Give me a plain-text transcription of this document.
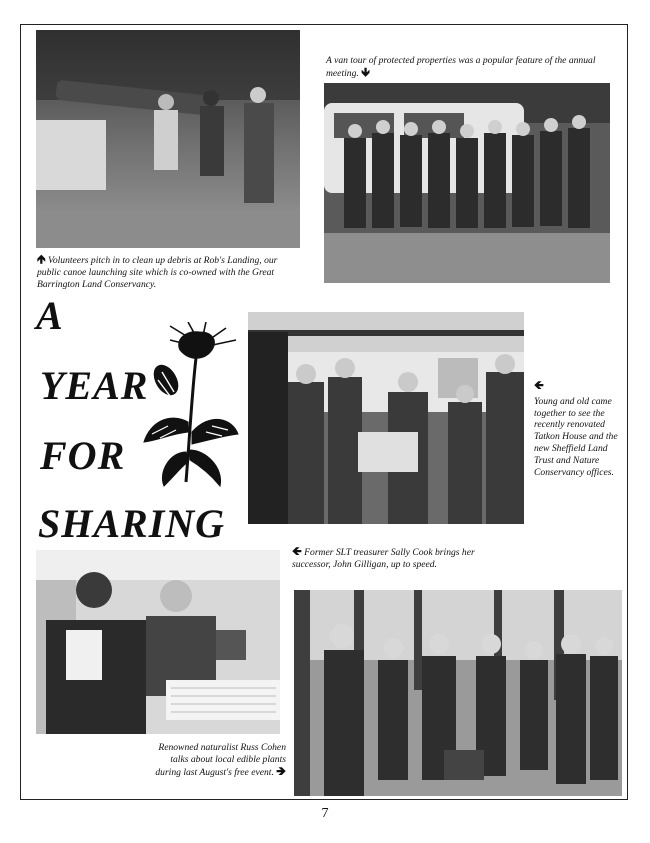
A van tour of protected properties was a popular feature of the annual meeting. 🡻
🡹 Volunteers pitch in to clean up debris at Rob's Landing, our public canoe launching site which is co-owned with the Great Barrington Land Conservancy.
A
YEAR
FOR
SHARING
🡸
Young and old came together to see the recently renovated Tatkon House and the new Sheffield Land Trust and Nature Conservancy offices.
🡸 Former SLT treasurer Sally Cook brings her successor, John Gilligan, up to speed.
Renowned naturalist Russ Cohen talks about local edible plants during last August's free event. 🡺
7
